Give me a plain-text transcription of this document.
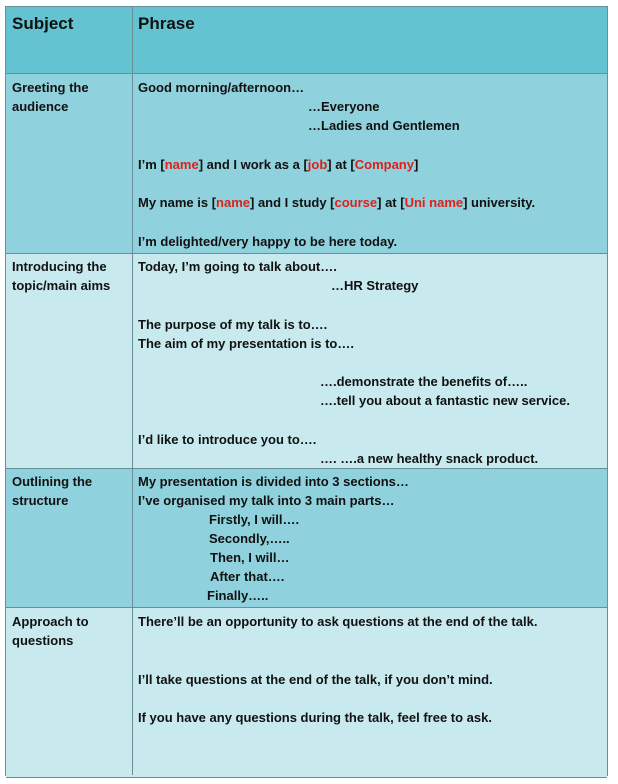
Subject	Phrase
Greeting the audience
Good morning/afternoon…
…Everyone
…Ladies and Gentlemen
I’m [name] and I work as a [job] at [Company]
My name is [name] and I study [course] at [Uni name] university.
I’m delighted/very happy to be here today.
Introducing the topic/main aims
Today, I’m going to talk about….
…HR Strategy
The purpose of my talk is to….
The aim of my presentation is to….
….demonstrate the benefits of…..
….tell you about a fantastic new service.
I’d like to introduce you to….
…. ….a new healthy snack product.
Outlining the structure
My presentation is divided into 3 sections…
I’ve organised my talk into 3 main parts…
Firstly, I will….
Secondly,…..
Then, I will…
After that….
Finally…..
Approach to questions
There’ll be an opportunity to ask questions at the end of the talk.
I’ll take questions at the end of the talk, if you don’t mind.
If you have any questions during the talk, feel free to ask.
